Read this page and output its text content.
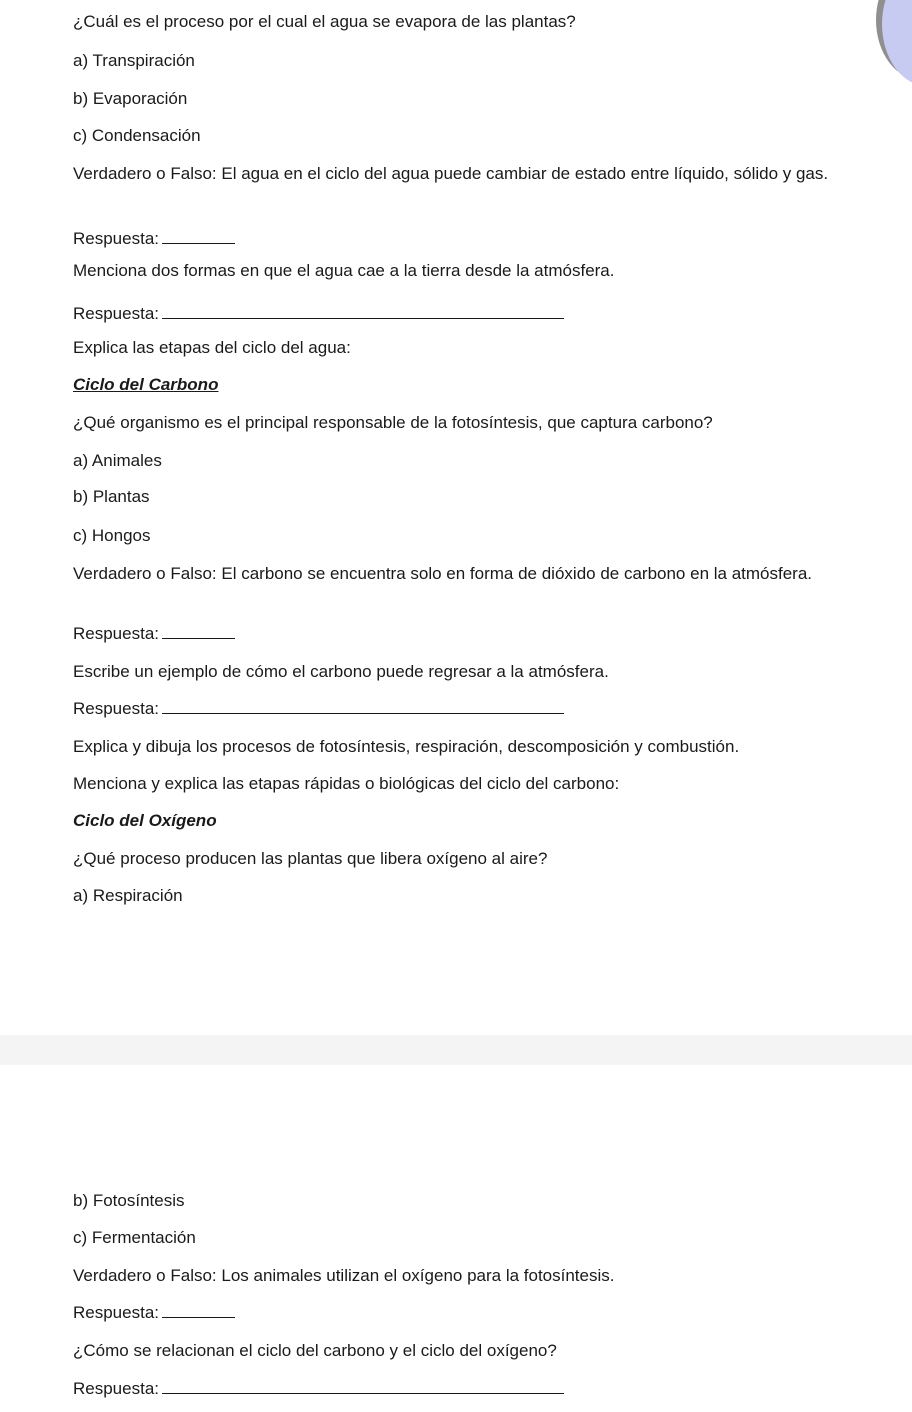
¿Cuál es el proceso por el cual el agua se evapora de las plantas?
a) Transpiración
b) Evaporación
c) Condensación
Verdadero o Falso: El agua en el ciclo del agua puede cambiar de estado entre líquido, sólido y gas.
Respuesta:
Menciona dos formas en que el agua cae a la tierra desde la atmósfera.
Respuesta:
Explica las etapas del ciclo del agua:
Ciclo del Carbono
¿Qué organismo es el principal responsable de la fotosíntesis, que captura carbono?
a) Animales
b) Plantas
c) Hongos
Verdadero o Falso: El carbono se encuentra solo en forma de dióxido de carbono en la atmósfera.
Respuesta:
Escribe un ejemplo de cómo el carbono puede regresar a la atmósfera.
Respuesta:
Explica y dibuja los procesos de fotosíntesis, respiración, descomposición y combustión.
Menciona y explica las etapas rápidas o biológicas del ciclo del carbono:
Ciclo del Oxígeno
¿Qué proceso producen las plantas que libera oxígeno al aire?
a) Respiración
b) Fotosíntesis
c) Fermentación
Verdadero o Falso: Los animales utilizan el oxígeno para la fotosíntesis.
Respuesta:
¿Cómo se relacionan el ciclo del carbono y el ciclo del oxígeno?
Respuesta:
